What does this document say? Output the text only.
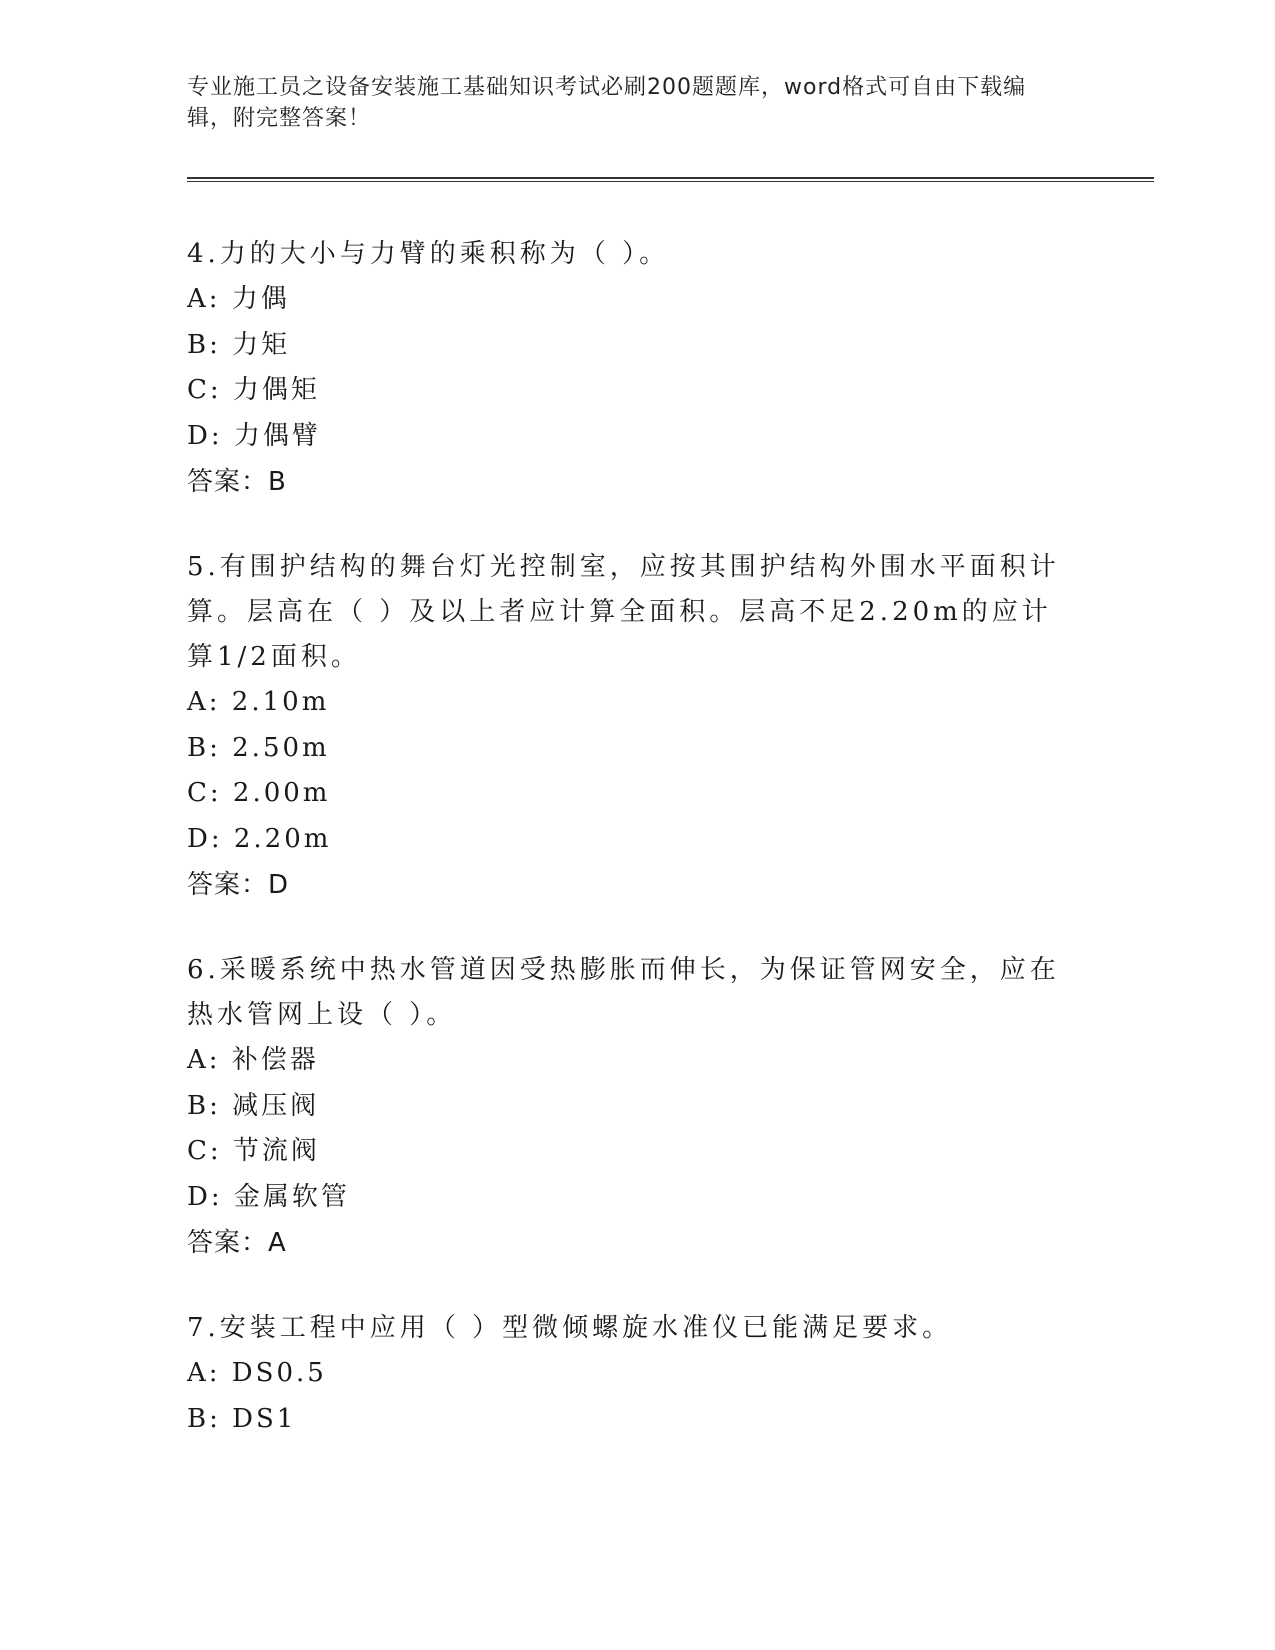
专业施工员之设备安装施工基础知识考试必刷200题题库，word格式可自由下载编辑，附完整答案！

4.力的大小与力臂的乘积称为（ ）。

A: 力偶

B: 力矩

C: 力偶矩

D: 力偶臂

答案：B

5.有围护结构的舞台灯光控制室，应按其围护结构外围水平面积计算。层高在（ ）及以上者应计算全面积。层高不足2.20m的应计算1/2面积。

A: 2.10m

B: 2.50m

C: 2.00m

D: 2.20m

答案：D

6.采暖系统中热水管道因受热膨胀而伸长，为保证管网安全，应在热水管网上设（ ）。

A: 补偿器

B: 减压阀

C: 节流阀

D: 金属软管

答案：A

7.安装工程中应用（ ）型微倾螺旋水准仪已能满足要求。

A: DS0.5

B: DS1
